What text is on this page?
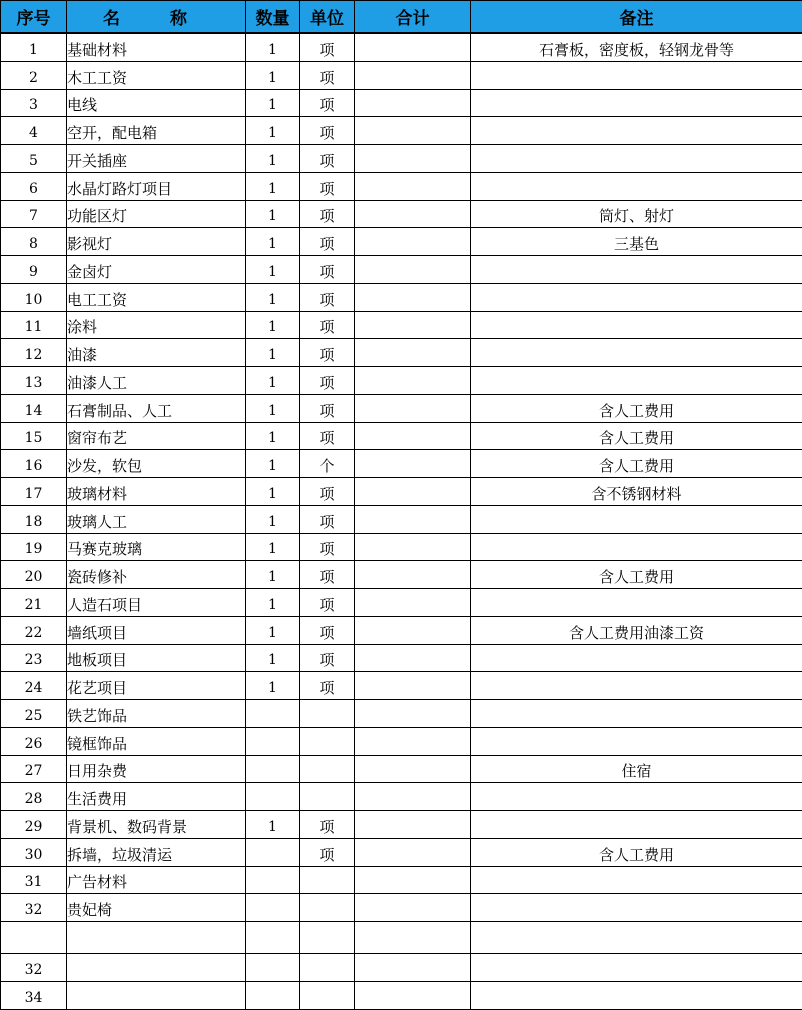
序号	名 称	数量	单位	合计	备注
1	基础材料	1	项		石膏板，密度板，轻钢龙骨等
2	木工工资	1	项		
3	电线	1	项		
4	空开，配电箱	1	项		
5	开关插座	1	项		
6	水晶灯路灯项目	1	项		
7	功能区灯	1	项		筒灯、射灯
8	影视灯	1	项		三基色
9	金卤灯	1	项		
10	电工工资	1	项		
11	涂料	1	项		
12	油漆	1	项		
13	油漆人工	1	项		
14	石膏制品、人工	1	项		含人工费用
15	窗帘布艺	1	项		含人工费用
16	沙发，软包	1	个		含人工费用
17	玻璃材料	1	项		含不锈钢材料
18	玻璃人工	1	项		
19	马赛克玻璃	1	项		
20	瓷砖修补	1	项		含人工费用
21	人造石项目	1	项		
22	墙纸项目	1	项		含人工费用油漆工资
23	地板项目	1	项		
24	花艺项目	1	项		
25	铁艺饰品				
26	镜框饰品				
27	日用杂费				住宿
28	生活费用				
29	背景机、数码背景	1	项		
30	拆墙，垃圾清运		项		含人工费用
31	广告材料				
32	贵妃椅				

32					
34					
